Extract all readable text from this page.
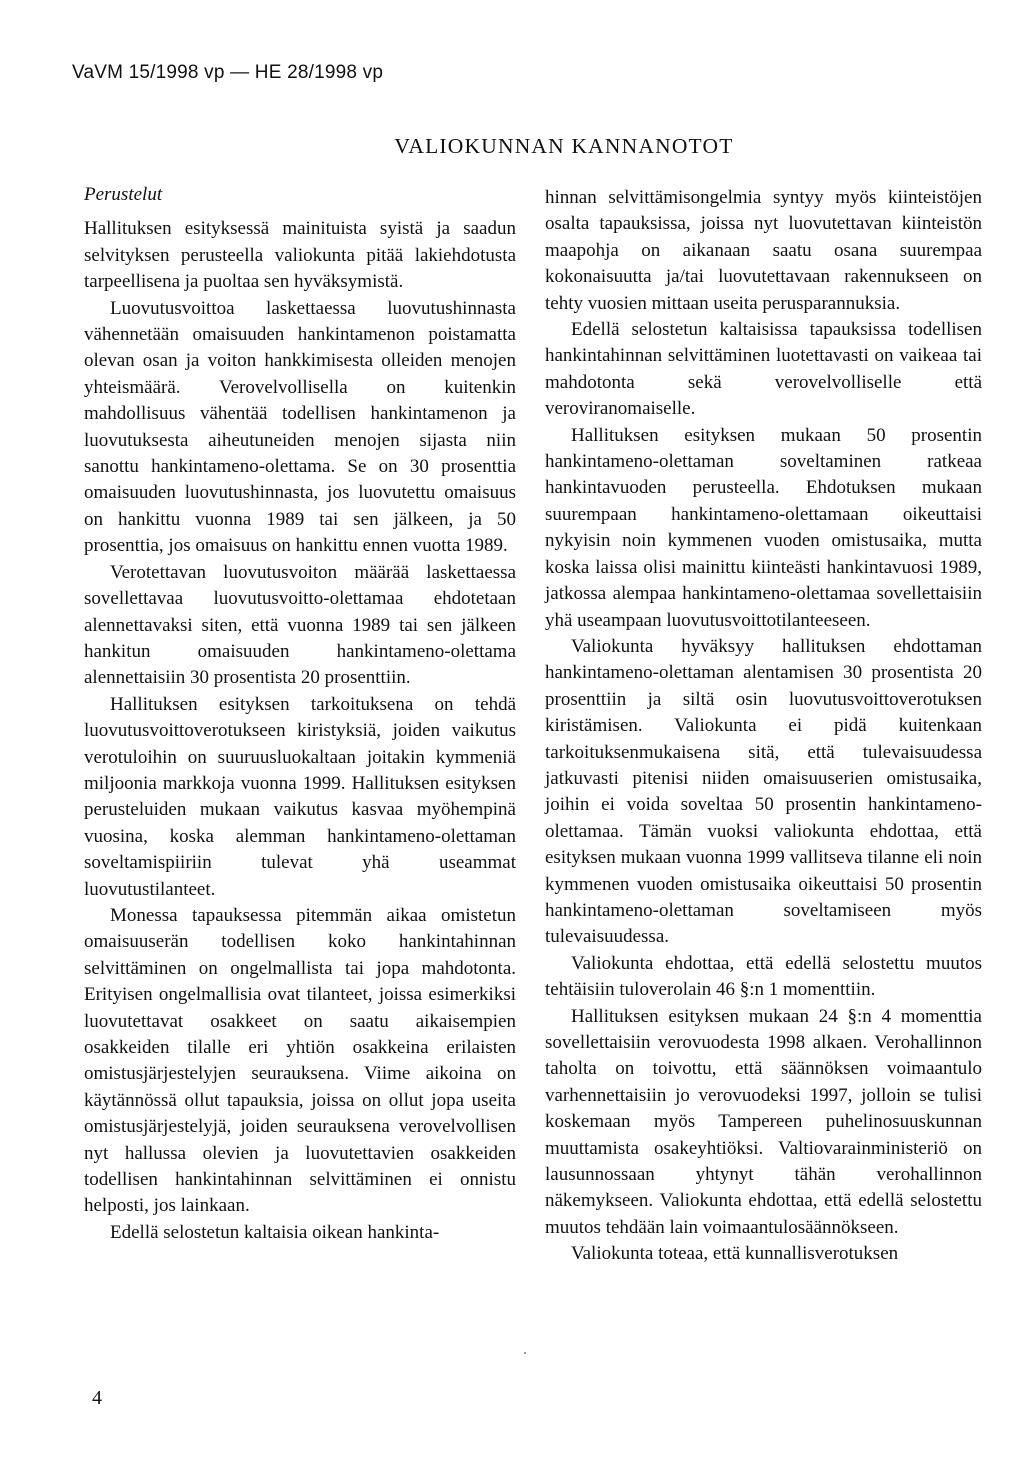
VaVM 15/1998 vp — HE 28/1998 vp
VALIOKUNNAN KANNANOTOT

Perustelut

Hallituksen esityksessä mainituista syistä ja saadun selvityksen perusteella valiokunta pitää lakiehdotusta tarpeellisena ja puoltaa sen hyväksymistä.

Luovutusvoittoa laskettaessa luovutushinnasta vähennetään omaisuuden hankintamenon poistamatta olevan osan ja voiton hankkimisesta olleiden menojen yhteismäärä. Verovelvollisella on kuitenkin mahdollisuus vähentää todellisen hankintamenon ja luovutuksesta aiheutuneiden menojen sijasta niin sanottu hankintameno-olettama. Se on 30 prosenttia omaisuuden luovutushinnasta, jos luovutettu omaisuus on hankittu vuonna 1989 tai sen jälkeen, ja 50 prosenttia, jos omaisuus on hankittu ennen vuotta 1989.

Verotettavan luovutusvoiton määrää laskettaessa sovellettavaa luovutusvoitto-olettamaa ehdotetaan alennettavaksi siten, että vuonna 1989 tai sen jälkeen hankitun omaisuuden hankintameno-olettama alennettaisiin 30 prosentista 20 prosenttiin.

Hallituksen esityksen tarkoituksena on tehdä luovutusvoittoverotukseen kiristyksiä, joiden vaikutus verotuloihin on suuruusluokaltaan joitakin kymmeniä miljoonia markkoja vuonna 1999. Hallituksen esityksen perusteluiden mukaan vaikutus kasvaa myöhempinä vuosina, koska alemman hankintameno-olettaman soveltamispiiriin tulevat yhä useammat luovutustilanteet.

Monessa tapauksessa pitemmän aikaa omistetun omaisuuserän todellisen koko hankintahinnan selvittäminen on ongelmallista tai jopa mahdotonta. Erityisen ongelmallisia ovat tilanteet, joissa esimerkiksi luovutettavat osakkeet on saatu aikaisempien osakkeiden tilalle eri yhtiön osakkeina erilaisten omistusjärjestelyjen seurauksena. Viime aikoina on käytännössä ollut tapauksia, joissa on ollut jopa useita omistusjärjestelyjä, joiden seurauksena verovelvollisen nyt hallussa olevien ja luovutettavien osakkeiden todellisen hankintahinnan selvittäminen ei onnistu helposti, jos lainkaan.

Edellä selostetun kaltaisia oikean hankinta-

hinnan selvittämisongelmia syntyy myös kiinteistöjen osalta tapauksissa, joissa nyt luovutettavan kiinteistön maapohja on aikanaan saatu osana suurempaa kokonaisuutta ja/tai luovutettavaan rakennukseen on tehty vuosien mittaan useita perusparannuksia.

Edellä selostetun kaltaisissa tapauksissa todellisen hankintahinnan selvittäminen luotettavasti on vaikeaa tai mahdotonta sekä verovelvolliselle että veroviranomaiselle.

Hallituksen esityksen mukaan 50 prosentin hankintameno-olettaman soveltaminen ratkeaa hankintavuoden perusteella. Ehdotuksen mukaan suurempaan hankintameno-olettamaan oikeuttaisi nykyisin noin kymmenen vuoden omistusaika, mutta koska laissa olisi mainittu kiinteästi hankintavuosi 1989, jatkossa alempaa hankintameno-olettamaa sovellettaisiin yhä useampaan luovutusvoittotilanteeseen.

Valiokunta hyväksyy hallituksen ehdottaman hankintameno-olettaman alentamisen 30 prosentista 20 prosenttiin ja siltä osin luovutusvoittoverotuksen kiristämisen. Valiokunta ei pidä kuitenkaan tarkoituksenmukaisena sitä, että tulevaisuudessa jatkuvasti pitenisi niiden omaisuuserien omistusaika, joihin ei voida soveltaa 50 prosentin hankintameno-olettamaa. Tämän vuoksi valiokunta ehdottaa, että esityksen mukaan vuonna 1999 vallitseva tilanne eli noin kymmenen vuoden omistusaika oikeuttaisi 50 prosentin hankintameno-olettaman soveltamiseen myös tulevaisuudessa.

Valiokunta ehdottaa, että edellä selostettu muutos tehtäisiin tuloverolain 46 §:n 1 momenttiin.

Hallituksen esityksen mukaan 24 §:n 4 momenttia sovellettaisiin verovuodesta 1998 alkaen. Verohallinnon taholta on toivottu, että säännöksen voimaantulo varhennettaisiin jo verovuodeksi 1997, jolloin se tulisi koskemaan myös Tampereen puhelinosuuskunnan muuttamista osakeyhtiöksi. Valtiovarainministeriö on lausunnossaan yhtynyt tähän verohallinnon näkemykseen. Valiokunta ehdottaa, että edellä selostettu muutos tehdään lain voimaantulosäännökseen.

Valiokunta toteaa, että kunnallisverotuksen

4
